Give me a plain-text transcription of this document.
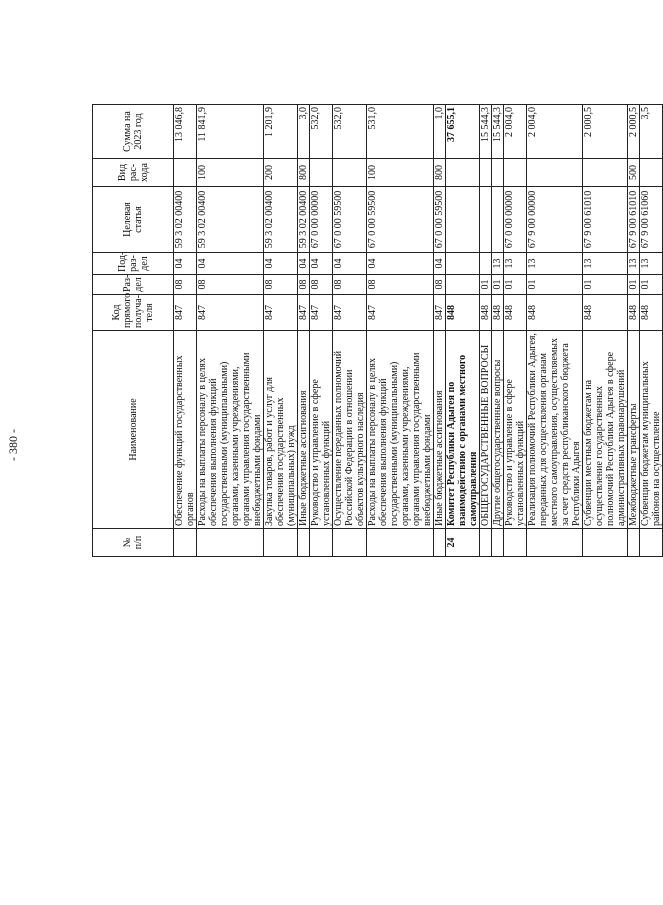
- 380 -
№
п/п	Наименование	Код
прямого
получа-
теля	Раз-
дел	Под-
раз-
дел	Целевая
статья	Вид
рас-
хода	Сумма на
2023 год

	Обеспечение функций государственных органов	847	08	04	59 3 02 00400		13 046,8
	Расходы на выплаты персоналу в целях обеспечения выполнения функций государственными (муниципальными) органами, казенными учреждениями, органами управления государственными внебюджетными фондами	847	08	04	59 3 02 00400	100	11 841,9
	Закупка товаров, работ и услуг для обеспечения государственных (муниципальных) нужд	847	08	04	59 3 02 00400	200	1 201,9
	Иные бюджетные ассигнования	847	08	04	59 3 02 00400	800	3,0
	Руководство и управление в сфере установленных функций	847	08	04	67 0 00 00000		532,0
	Осуществление переданных полномочий Российской Федерации в отношении объектов культурного наследия	847	08	04	67 0 00 59500		532,0
	Расходы на выплаты персоналу в целях обеспечения выполнения функций государственными (муниципальными) органами, казенными учреждениями, органами управления государственными внебюджетными фондами	847	08	04	67 0 00 59500	100	531,0
	Иные бюджетные ассигнования	847	08	04	67 0 00 59500	800	1,0
24	Комитет Республики Адыгея по взаимодействию с органами местного самоуправления	848					37 655,1
	ОБЩЕГОСУДАРСТВЕННЫЕ ВОПРОСЫ	848	01				15 544,3
	Другие общегосударственные вопросы	848	01	13			15 544,3
	Руководство и управление в сфере установленных функций	848	01	13	67 0 00 00000		2 004,0
	Реализация полномочий Республики Адыгея, переданных для осуществления органам местного самоуправления, осуществляемых за счет средств республиканского бюджета Республики Адыгея	848	01	13	67 9 00 00000		2 004,0
	Субвенции местным бюджетам на осуществление государственных полномочий Республики Адыгея в сфере административных правонарушений	848	01	13	67 9 00 61010		2 000,5
	Межбюджетные трансферты	848	01	13	67 9 00 61010	500	2 000,5
	Субвенции бюджетам муниципальных районов на осуществление	848	01	13	67 9 00 61060		3,5
